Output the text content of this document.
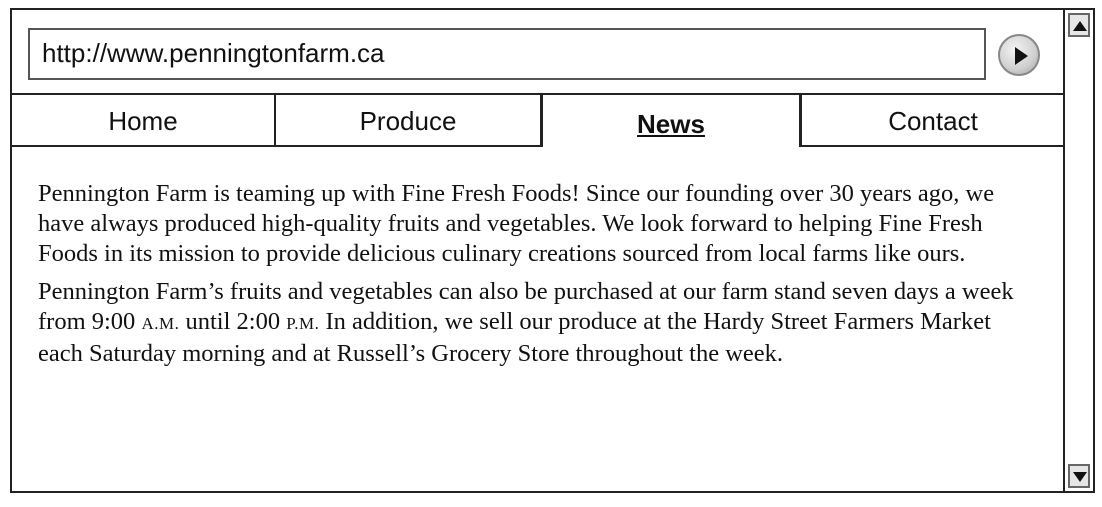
http://www.penningtonfarm.ca
Home	Produce	News	Contact

Pennington Farm is teaming up with Fine Fresh Foods! Since our founding over 30 years ago, we have always produced high-quality fruits and vegetables. We look forward to helping Fine Fresh Foods in its mission to provide delicious culinary creations sourced from local farms like ours.

Pennington Farm’s fruits and vegetables can also be purchased at our farm stand seven days a week from 9:00 A.M. until 2:00 P.M. In addition, we sell our produce at the Hardy Street Farmers Market each Saturday morning and at Russell’s Grocery Store throughout the week.
